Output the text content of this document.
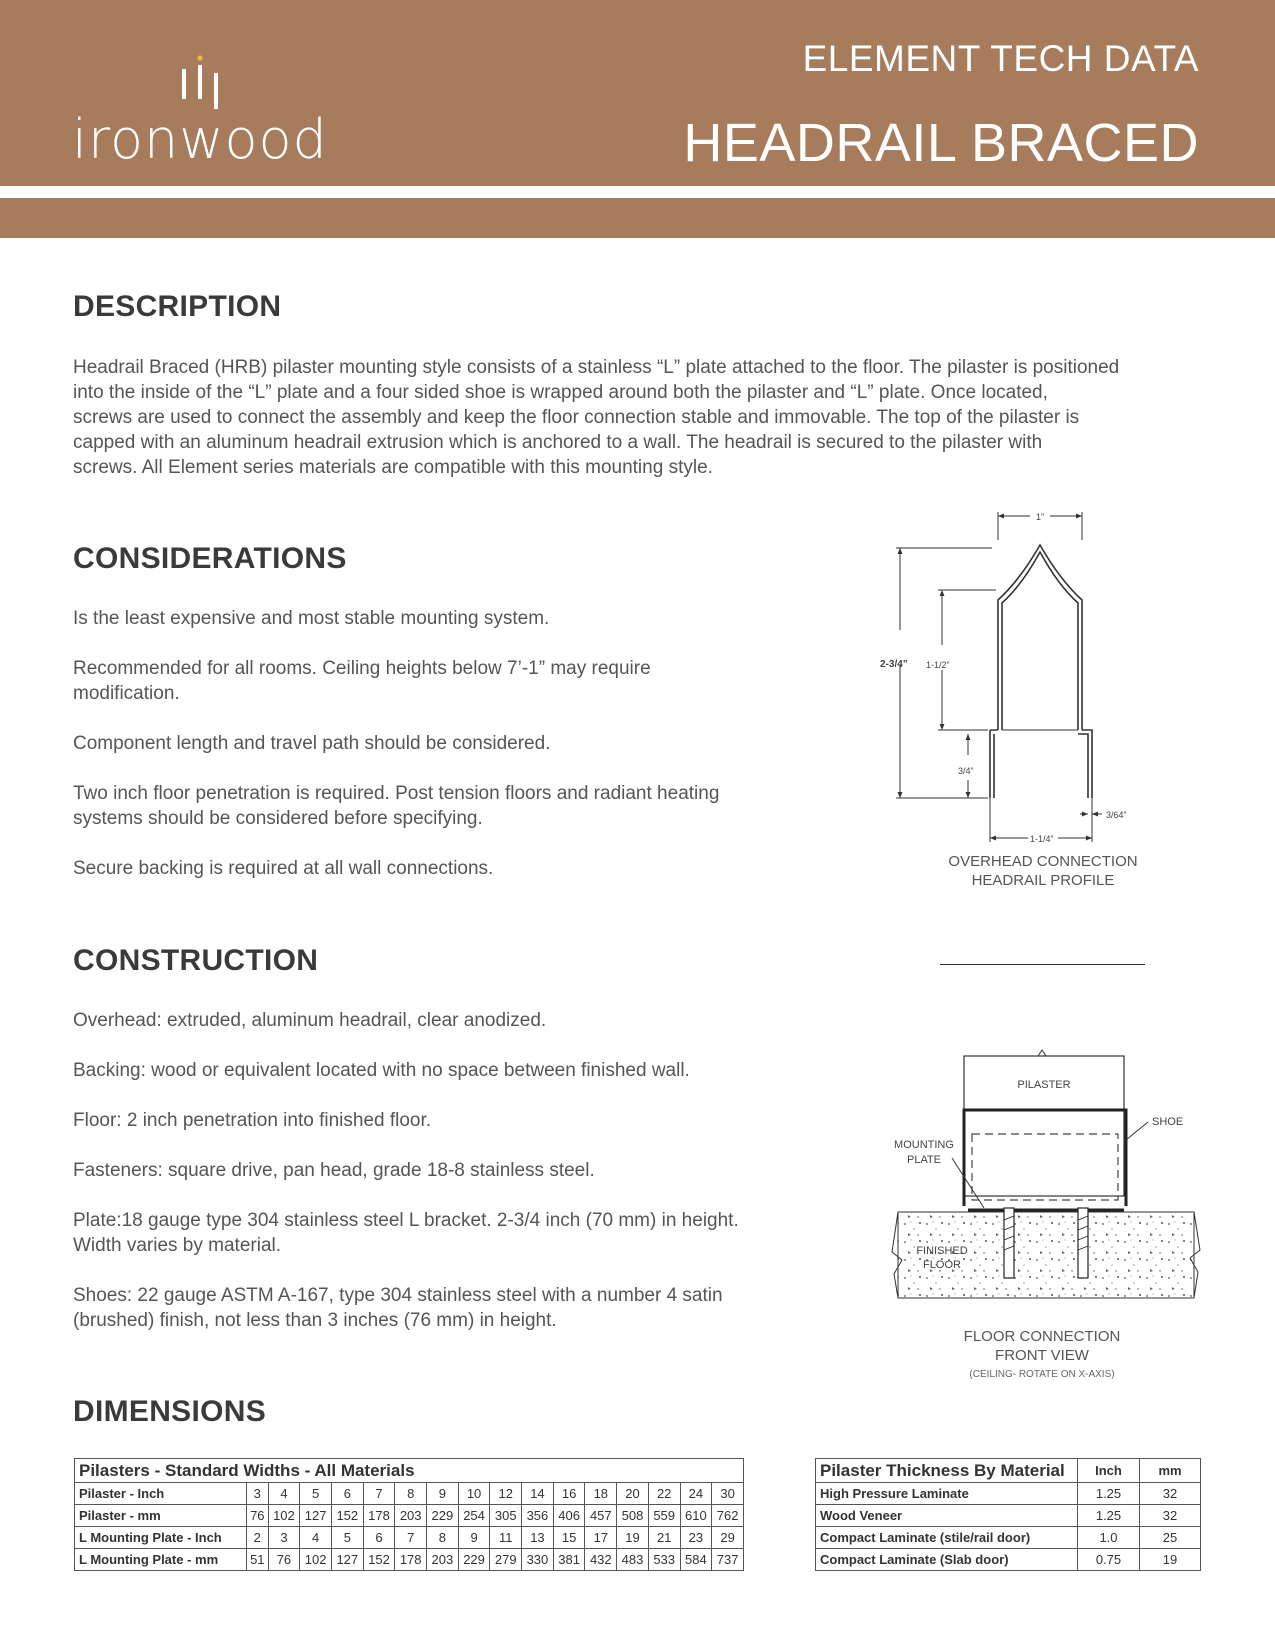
ironwood
ELEMENT TECH DATA
HEADRAIL BRACED
DESCRIPTION
Headrail Braced (HRB) pilaster mounting style consists of a stainless “L” plate attached to the floor. The pilaster is positioned
into the inside of the “L” plate and a four sided shoe is wrapped around both the pilaster and “L” plate. Once located,
screws are used to connect the assembly and keep the floor connection stable and immovable. The top of the pilaster is
capped with an aluminum headrail extrusion which is anchored to a wall. The headrail is secured to the pilaster with
screws. All Element series materials are compatible with this mounting style.
CONSIDERATIONS
Is the least expensive and most stable mounting system.
Recommended for all rooms. Ceiling heights below 7’-1” may require
modification.
Component length and travel path should be considered.
Two inch floor penetration is required. Post tension floors and radiant heating
systems should be considered before specifying.
Secure backing is required at all wall connections.
CONSTRUCTION
Overhead: extruded, aluminum headrail, clear anodized.
Backing: wood or equivalent located with no space between finished wall.
Floor: 2 inch penetration into finished floor.
Fasteners: square drive, pan head, grade 18-8 stainless steel.
Plate:18 gauge type 304 stainless steel L bracket. 2-3/4 inch (70 mm) in height.
Width varies by material.
Shoes: 22 gauge ASTM A-167, type 304 stainless steel with a number 4 satin
(brushed) finish, not less than 3 inches (76 mm) in height.
1”
2-3/4” 1-1/2”
3/4”
3/64”
1-1/4”
OVERHEAD CONNECTION
HEADRAIL PROFILE
PILASTER
SHOE
MOUNTING
PLATE
FINISHED
FLOOR
FLOOR CONNECTION
FRONT VIEW
(CEILING- ROTATE ON X-AXIS)
DIMENSIONS
Pilasters - Standard Widths - All Materials																
Pilaster - Inch	3	4	5	6	7	8	9	10	12	14	16	18	20	22	24	30
Pilaster - mm	76	102	127	152	178	203	229	254	305	356	406	457	508	559	610	762
L Mounting Plate - Inch	2	3	4	5	6	7	8	9	11	13	15	17	19	21	23	29
L Mounting Plate - mm	51	76	102	127	152	178	203	229	279	330	381	432	483	533	584	737
Pilaster Thickness By Material	Inch	mm
High Pressure Laminate	1.25	32
Wood Veneer	1.25	32
Compact Laminate (stile/rail door)	1.0	25
Compact Laminate (Slab door)	0.75	19
